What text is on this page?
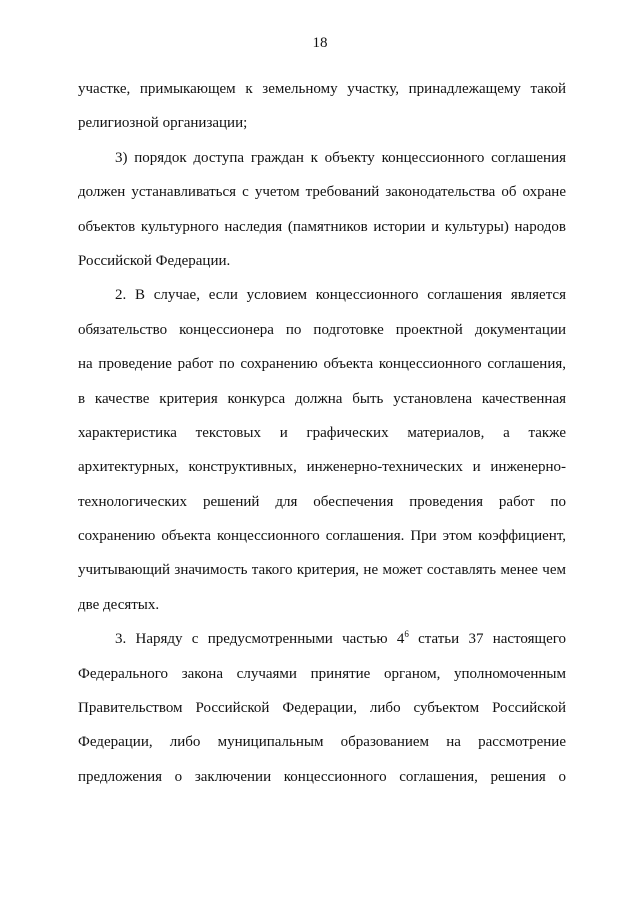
18
участке, примыкающем к земельному участку, принадлежащему такой
религиозной организации;
3) порядок доступа граждан к объекту концессионного соглашения
должен устанавливаться с учетом требований законодательства об охране
объектов культурного наследия (памятников истории и культуры) народов
Российской Федерации.
2. В случае, если условием концессионного соглашения является
обязательство концессионера по подготовке проектной документации
на проведение работ по сохранению объекта концессионного соглашения,
в качестве критерия конкурса должна быть установлена качественная
характеристика текстовых и графических материалов, а также
архитектурных, конструктивных, инженерно-технических и инженерно-
технологических решений для обеспечения проведения работ по
сохранению объекта концессионного соглашения. При этом коэффициент,
учитывающий значимость такого критерия, не может составлять менее чем
две десятых.
3. Наряду с предусмотренными частью $4^6$ статьи 37 настоящего
Федерального закона случаями принятие органом, уполномоченным
Правительством Российской Федерации, либо субъектом Российской
Федерации, либо муниципальным образованием на рассмотрение
предложения о заключении концессионного соглашения, решения о
